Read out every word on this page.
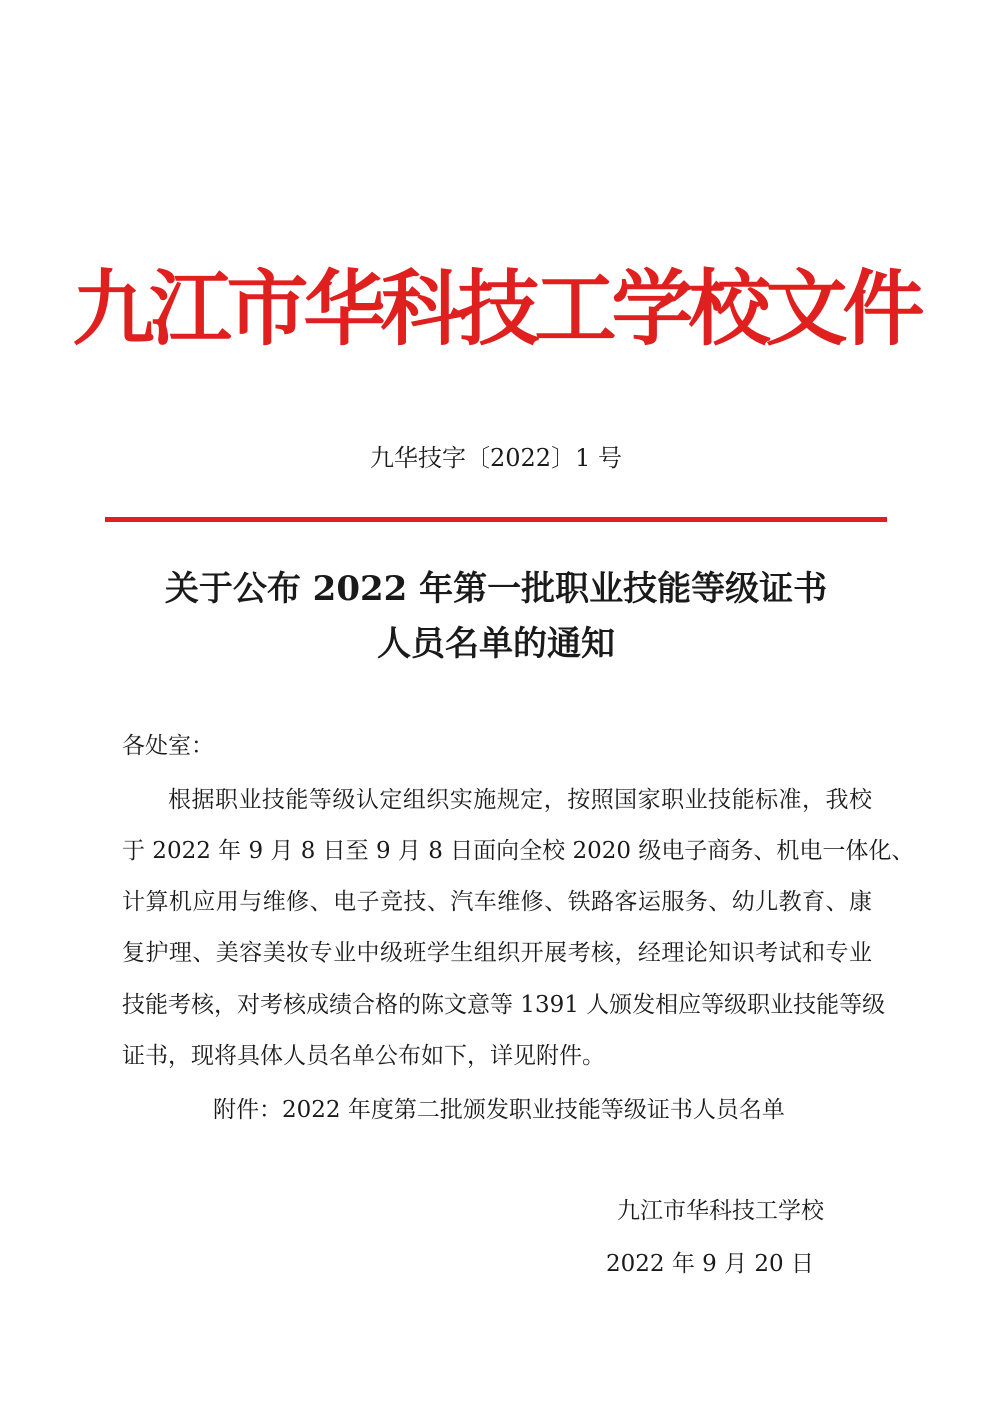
九江市华科技工学校文件
九华技字〔2022〕1 号
关于公布 2022 年第一批职业技能等级证书
人员名单的通知
各处室：
根据职业技能等级认定组织实施规定，按照国家职业技能标准，我校
于 2022 年 9 月 8 日至 9 月 8 日面向全校 2020 级电子商务、机电一体化、
计算机应用与维修、电子竞技、汽车维修、铁路客运服务、幼儿教育、康
复护理、美容美妆专业中级班学生组织开展考核，经理论知识考试和专业
技能考核，对考核成绩合格的陈文意等 1391 人颁发相应等级职业技能等级
证书，现将具体人员名单公布如下，详见附件。
附件：2022 年度第二批颁发职业技能等级证书人员名单
九江市华科技工学校
2022 年 9 月 20 日
